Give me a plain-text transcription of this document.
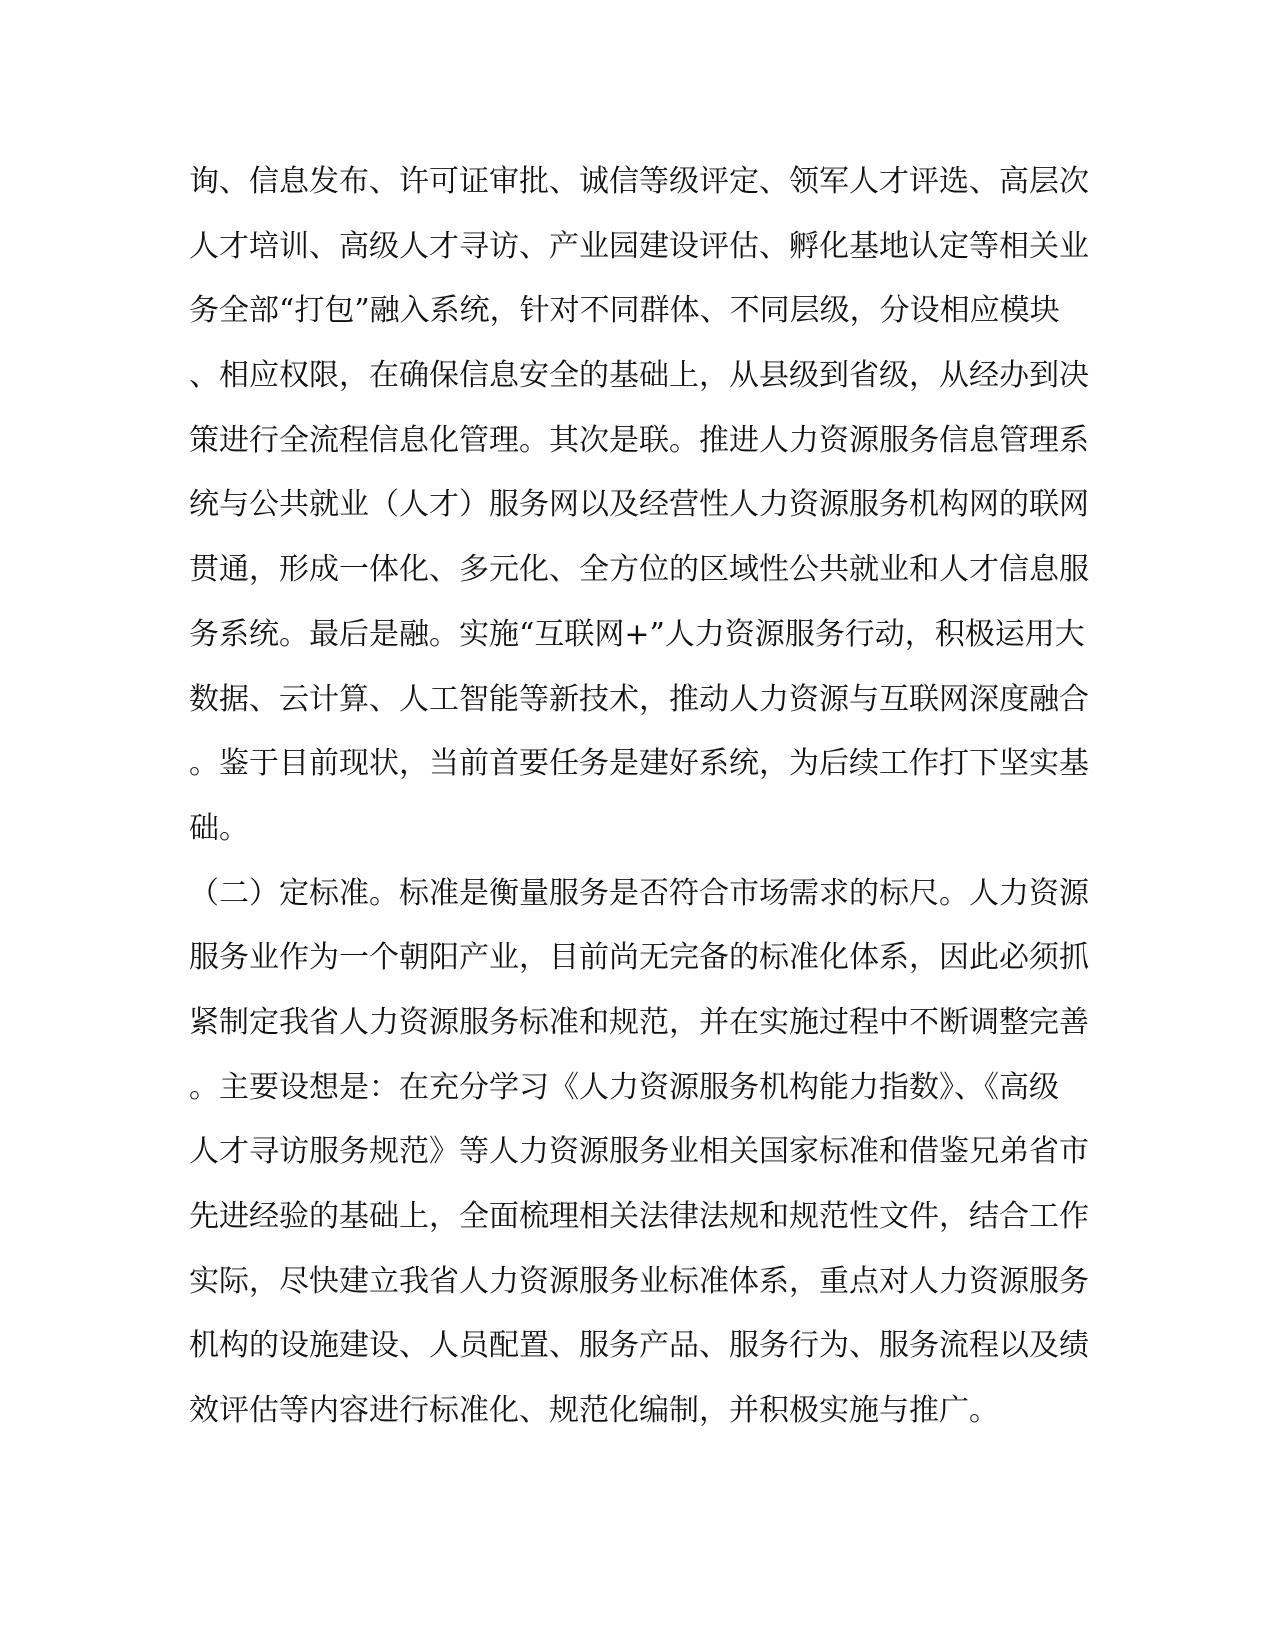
询、信息发布、许可证审批、诚信等级评定、领军人才评选、高层次
人才培训、高级人才寻访、产业园建设评估、孵化基地认定等相关业
务全部“打包”融入系统，针对不同群体、不同层级，分设相应模块
、相应权限，在确保信息安全的基础上，从县级到省级，从经办到决
策进行全流程信息化管理。其次是联。推进人力资源服务信息管理系
统与公共就业（人才）服务网以及经营性人力资源服务机构网的联网
贯通，形成一体化、多元化、全方位的区域性公共就业和人才信息服
务系统。最后是融。实施“互联网+”人力资源服务行动，积极运用大
数据、云计算、人工智能等新技术，推动人力资源与互联网深度融合
。鉴于目前现状，当前首要任务是建好系统，为后续工作打下坚实基
础。
（二）定标准。标准是衡量服务是否符合市场需求的标尺。人力资源
服务业作为一个朝阳产业，目前尚无完备的标准化体系，因此必须抓
紧制定我省人力资源服务标准和规范，并在实施过程中不断调整完善
。主要设想是：在充分学习《人力资源服务机构能力指数》、《高级
人才寻访服务规范》等人力资源服务业相关国家标准和借鉴兄弟省市
先进经验的基础上，全面梳理相关法律法规和规范性文件，结合工作
实际，尽快建立我省人力资源服务业标准体系，重点对人力资源服务
机构的设施建设、人员配置、服务产品、服务行为、服务流程以及绩
效评估等内容进行标准化、规范化编制，并积极实施与推广。
